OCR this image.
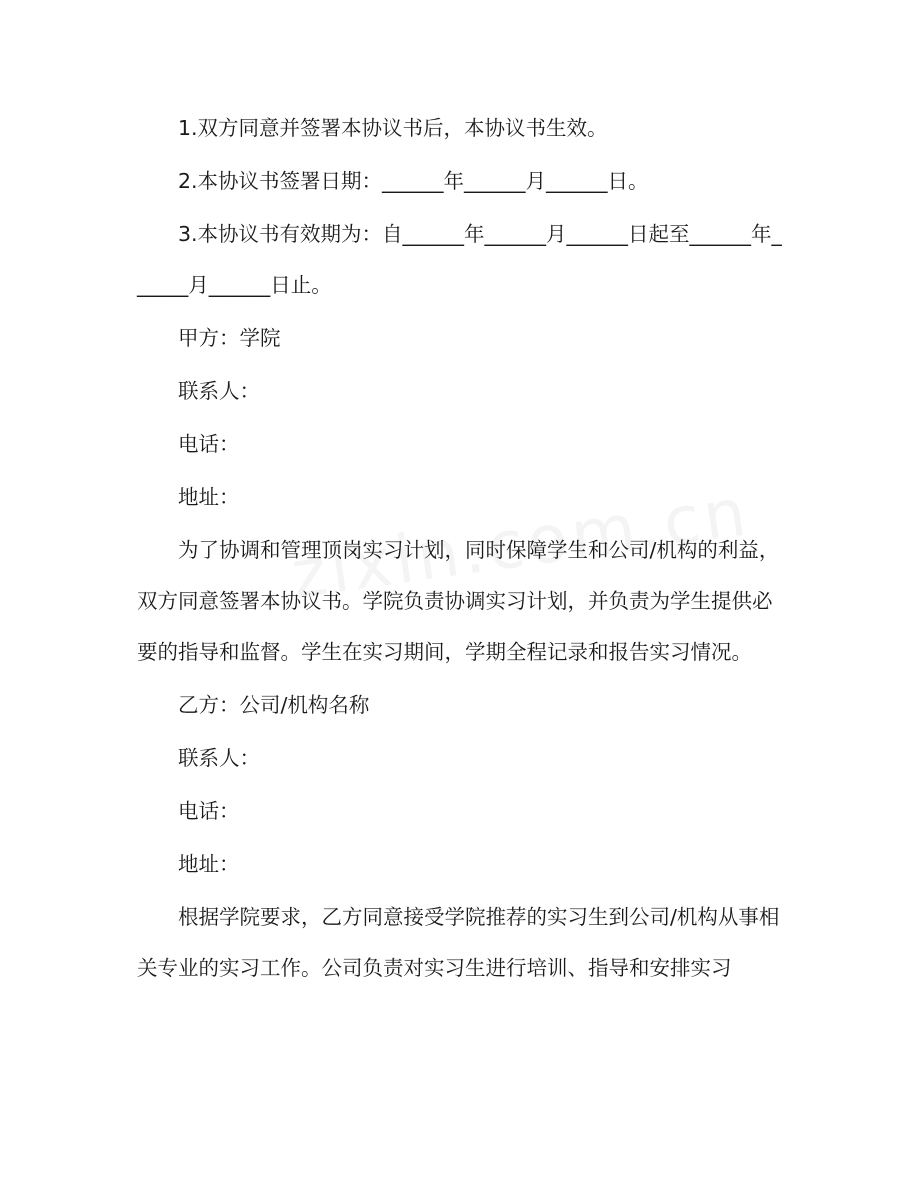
1.双方同意并签署本协议书后，本协议书生效。

2.本协议书签署日期：______年______月______日。

3.本协议书有效期为：自______年______月______日起至______年______月______日止。

甲方：学院

联系人：

电话：

地址：

为了协调和管理顶岗实习计划，同时保障学生和公司/机构的利益，双方同意签署本协议书。学院负责协调实习计划，并负责为学生提供必要的指导和监督。学生在实习期间，学期全程记录和报告实习情况。

乙方：公司/机构名称

联系人：

电话：

地址：

根据学院要求，乙方同意接受学院推荐的实习生到公司/机构从事相关专业的实习工作。公司负责对实习生进行培训、指导和安排实习
